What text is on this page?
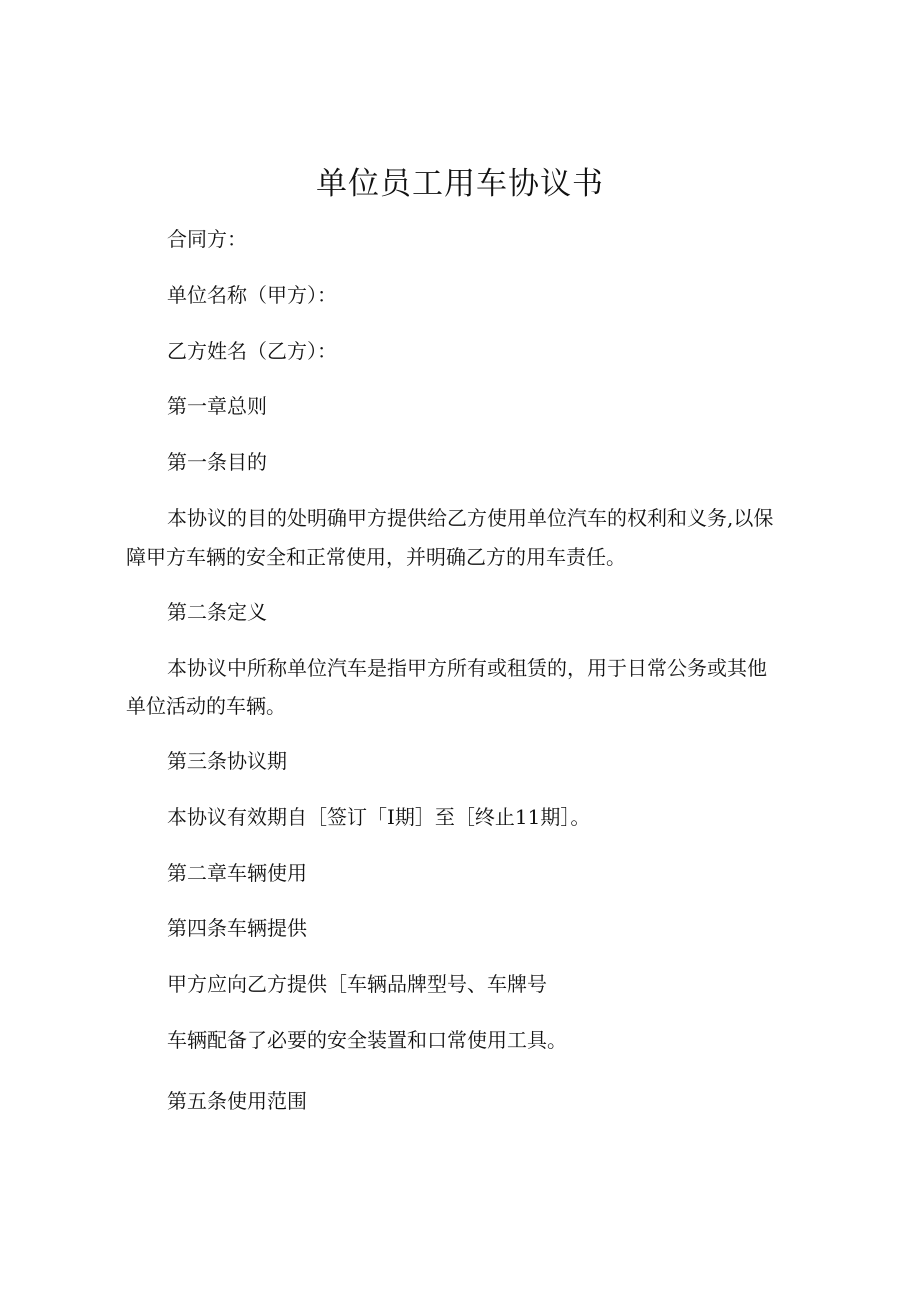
单位员工用车协议书
合同方：
单位名称（甲方）：
乙方姓名（乙方）：
第一章总则
第一条目的
本协议的目的处明确甲方提供给乙方使用单位汽车的权利和义务,以保
障甲方车辆的安全和正常使用，并明确乙方的用车责任。
第二条定义
本协议中所称单位汽车是指甲方所有或租赁的，用于日常公务或其他
单位活动的车辆。
第三条协议期
本协议有效期自［签订「I期］至［终止11期］。
第二章车辆使用
第四条车辆提供
甲方应向乙方提供［车辆品牌型号、车牌号
车辆配备了必要的安全装置和口常使用工具。
第五条使用范围
